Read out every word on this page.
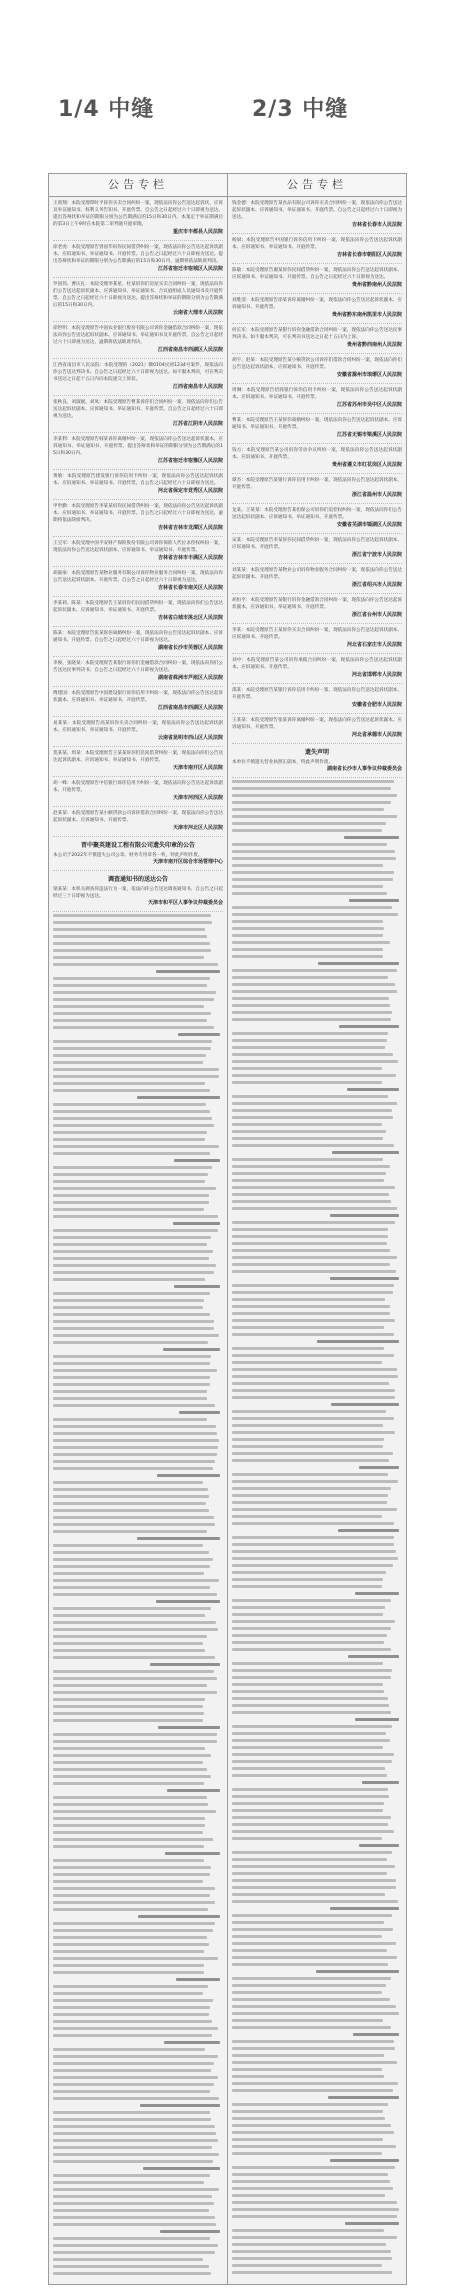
1/4 中缝	2/3 中缝
公告专栏
王禹翔：本院受理覃时平诉你买卖合同纠纷一案，现依法向你公告送达起诉状、应诉及举证通知书、权利义务告知书、开庭传票。自公告之日起经过六十日即视为送达。提出答辩状和举证的期限分别为公告期满后的15日和30日内。本案定于举证期满后的第3日上午9时在本院第二审判庭开庭审理。
重庆市丰都县人民法院
徐老虎：本院受理原告曾国华诉你民间借贷纠纷一案，现依法向你公告送达起诉状副本、应诉通知书、举证通知书、开庭传票。自公告之日起经过六十日即视为送达。提出答辩状和举证的期限分别为公告期满后的15日和30日内，逾期将依法缺席判决。
江苏省宿迁市宿城区人民法院
罗国伟、曹庆礼：本院受理李某星、杜某诉你们房屋买卖合同纠纷一案，现依法向你们公告送达起诉状副本、应诉通知书、举证通知书、合议庭组成人员通知书及开庭传票。自公告之日起经过六十日即视为送达。提出答辩状和举证的期限分别为公告期满后的15日和30日内。
云南省大理市人民法院
徐世明：本院受理原告中国农业银行股份有限公司诉你金融借款合同纠纷一案，现依法向你公告送达起诉状副本、应诉通知书、举证通知书及开庭传票。自公告之日起经过六十日即视为送达。逾期将依法缺席判决。
江西省南昌市西湖区人民法院
江西省南昌市人民法院：本院受理的（2021）赣0104民初1234号案件，现依法向你公告送达判决书。自公告之日起经过六十日即视为送达。如不服本判决，可在判决书送达之日起十五日内向本院递交上诉状。
江西省南昌市人民法院
张秋良、刘淑媛、刘凤：本院受理原告曹某诉你们合同纠纷一案，现依法向你们公告送达起诉状副本、应诉通知书、举证通知书、开庭传票。自公告之日起经过六十日即视为送达。
江苏省江阴市人民法院
李某利：本院受理原告韩某诉你离婚纠纷一案，现依法向你公告送达起诉状副本、应诉通知书、举证通知书、开庭传票。提出答辩状和举证的期限分别为公告期满后的15日和30日内。
江苏省宿迁市宿豫区人民法院
黄敏：本院受理原告建设银行诉你信用卡纠纷一案，现依法向你公告送达起诉状副本、应诉通知书、举证通知书、开庭传票。自公告之日起经过六十日即视为送达。
河北省保定市竞秀区人民法院
甲世勤：本院受理原告李某某诉你民间借贷纠纷一案，现依法向你公告送达起诉状副本、应诉通知书、举证通知书、开庭传票。自公告之日起经过六十日即视为送达，逾期将依法缺席判决。
吉林省吉林市龙潭区人民法院
王宝军：本院受理中国平安财产保险股份有限公司诉你保险人代位求偿权纠纷一案，现依法向你公告送达起诉状副本、应诉通知书、举证通知书、开庭传票。
吉林省吉林市丰满区人民法院
胡嘉豪：本院受理原告某物业服务有限公司诉你物业服务合同纠纷一案，现依法向你公告送达起诉状副本、开庭传票。自公告之日起经过六十日即视为送达。
吉林省长春市南关区人民法院
李某莉、陈某：本院受理原告王某诉你们民间借贷纠纷一案，现依法向你们公告送达起诉状副本、应诉通知书、举证通知书、开庭传票。
吉林省白城市洮北区人民法院
陈某：本院受理原告张某诉你离婚纠纷一案，现依法向你公告送达起诉状副本、应诉通知书、开庭传票。自公告之日起经过六十日即视为送达。
湖南省长沙市芙蓉区人民法院
李俊、张晓某：本院受理原告某银行诉你们金融借款合同纠纷一案，现依法向你们公告送达民事判决书。自公告之日起经过六十日即视为送达。
湖南省株洲市芦淞区人民法院
傅建国：本院受理原告中国建设银行诉你信用卡纠纷一案，现依法向你公告送达起诉状副本、应诉通知书、举证通知书、开庭传票。
江西省南昌市西湖区人民法院
易某某：本院受理原告高某诉你买卖合同纠纷一案，现依法向你公告送达起诉状副本、应诉通知书、举证通知书、开庭传票。
云南省昆明市西山区人民法院
莫某某、周某：本院受理原告王某某诉你们民间借贷纠纷一案，现依法向你们公告送达起诉状副本、应诉通知书、举证通知书、开庭传票。
天津市南开区人民法院
胡一峰：本院受理原告中信银行诉你信用卡纠纷一案，现依法向你公告送达起诉状副本、开庭传票。
天津市河西区人民法院
赵某某：本院受理原告某小额贷款公司诉你借款合同纠纷一案，现依法向你公告送达起诉状副本、应诉通知书、开庭传票。
天津市河北区人民法院
晋中聚英建设工程有限公司遗失印章的公告
本公司于2022年不慎遗失公司公章、财务专用章各一枚，特此声明作废。
天津市南开区综合市场管理中心
调查通知书的送达公告
梁某某：本机关调查你违法行为一案，依法向你公告送达调查通知书，自公告之日起经过三十日即视为送达。
天津市和平区人事争议仲裁委员会
公告专栏
钱金德：本院受理原告某食品有限公司诉你买卖合同纠纷一案，现依法向你公告送达起诉状副本、应诉通知书、举证通知书、开庭传票。自公告之日起经过六十日即视为送达。
吉林省长春市人民法院
杨斌：本院受理原告中国银行诉你信用卡纠纷一案，现依法向你公告送达起诉状副本、应诉通知书、举证通知书、开庭传票。
吉林省长春市朝阳区人民法院
陈敏：本院受理原告谢某诉你民间借贷纠纷一案，现依法向你公告送达起诉状副本、应诉通知书、举证通知书、开庭传票。自公告之日起经过六十日即视为送达。
贵州省黔南州人民法院
刘胜清：本院受理原告徐某诉你离婚纠纷一案，现依法向你公告送达起诉状副本、应诉通知书、开庭传票。
贵州省黔东南州凯里市人民法院
何长军：本院受理原告某银行诉你金融借款合同纠纷一案，现依法向你公告送达民事判决书。如不服本判决，可在判决书送达之日起十五日内上诉。
贵州省黔西南州人民法院
胡宇、赵某：本院受理原告某小额贷款公司诉你们借款合同纠纷一案，现依法向你们公告送达起诉状副本、应诉通知书、开庭传票。
安徽省滁州市琅琊区人民法院
周琳：本院受理原告招商银行诉你信用卡纠纷一案，现依法向你公告送达起诉状副本、应诉通知书、举证通知书、开庭传票。
江苏省苏州市吴中区人民法院
曹某：本院受理原告王某诉你离婚纠纷一案，现依法向你公告送达起诉状副本、应诉通知书、举证通知书、开庭传票。
江苏省无锡市梁溪区人民法院
钱方：本院受理原告某公司诉你劳动争议纠纷一案，现依法向你公告送达起诉状副本、应诉通知书、开庭传票。
贵州省遵义市红花岗区人民法院
谭杰：本院受理原告某银行诉你信用卡纠纷一案，现依法向你公告送达起诉状副本、开庭传票。
浙江省温州市人民法院
龙某、王某某：本院受理原告某担保公司诉你们追偿权纠纷一案，现依法向你们公告送达起诉状副本、应诉通知书、举证通知书、开庭传票。
安徽省芜湖市镜湖区人民法院
宋某：本院受理原告李某诉你民间借贷纠纷一案，现依法向你公告送达起诉状副本、应诉通知书、开庭传票。
浙江省宁波市人民法院
刘某某：本院受理原告某物业公司诉你物业服务合同纠纷一案，现依法向你公告送达起诉状副本、开庭传票。
浙江省绍兴市人民法院
胡恒平：本院受理原告某银行诉你金融借款合同纠纷一案，现依法向你公告送达起诉状副本、应诉通知书、举证通知书、开庭传票。
浙江省台州市人民法院
李某：本院受理原告王某诉你买卖合同纠纷一案，现依法向你公告送达起诉状副本、应诉通知书、开庭传票。
河北省石家庄市人民法院
刘中：本院受理原告某公司诉你承揽合同纠纷一案，现依法向你公告送达起诉状副本、应诉通知书、开庭传票。
河北省邯郸市人民法院
邵某：本院受理原告某银行诉你信用卡纠纷一案，现依法向你公告送达起诉状副本、开庭传票。
安徽省合肥市人民法院
王某某：本院受理原告张某诉你离婚纠纷一案，现依法向你公告送达起诉状副本、应诉通知书、开庭传票。
河北省承德市人民法院
遗失声明
本单位不慎遗失营业执照正副本，特此声明作废。
湖南省长沙市人事争议仲裁委员会
